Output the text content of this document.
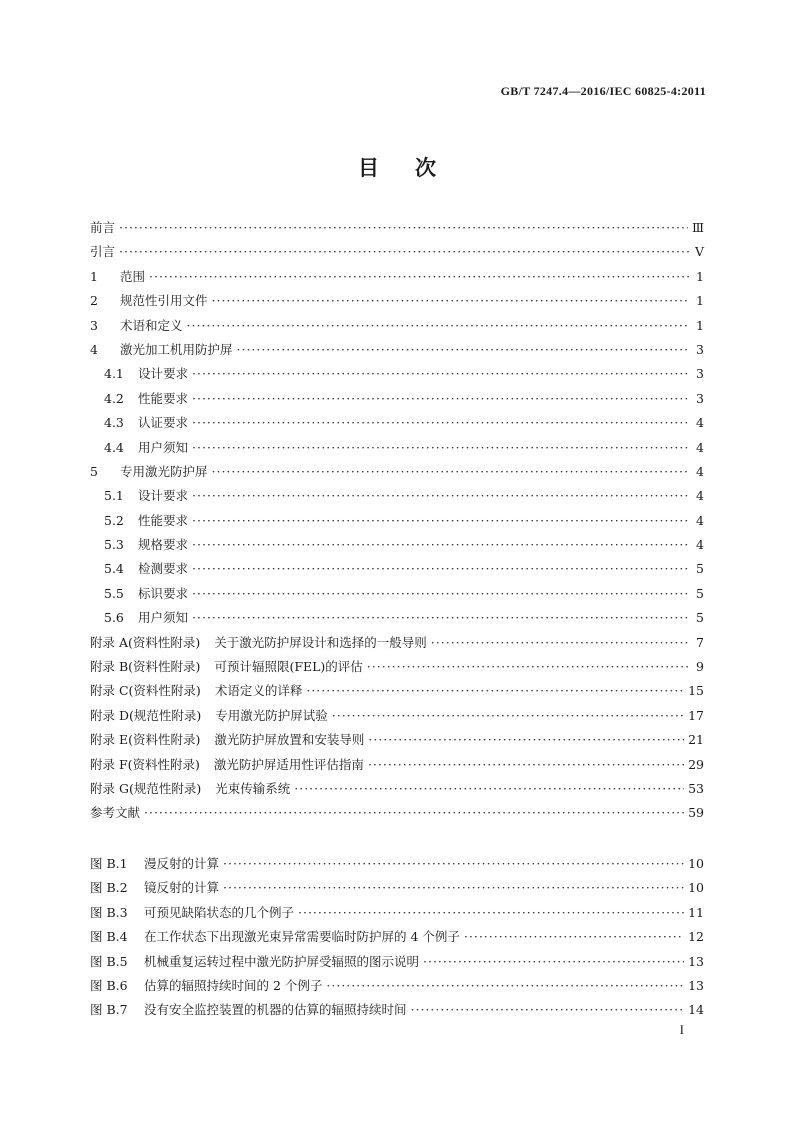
GB/T 7247.4—2016/IEC 60825-4:2011
目次
前言 ·····	Ⅲ
引言 ·····	Ⅴ
1 范围 ·····	1
2 规范性引用文件 ·····	1
3 术语和定义 ·····	1
4 激光加工机用防护屏 ·····	3
4.1 设计要求 ·····	3
4.2 性能要求 ·····	3
4.3 认证要求 ·····	4
4.4 用户须知 ·····	4
5 专用激光防护屏 ·····	4
5.1 设计要求 ·····	4
5.2 性能要求 ·····	4
5.3 规格要求 ·····	4
5.4 检测要求 ·····	5
5.5 标识要求 ·····	5
5.6 用户须知 ·····	5
附录 A(资料性附录) 关于激光防护屏设计和选择的一般导则 ·····	7
附录 B(资料性附录) 可预计辐照限(FEL)的评估 ·····	9
附录 C(资料性附录) 术语定义的详释 ·····	15
附录 D(规范性附录) 专用激光防护屏试验 ·····	17
附录 E(资料性附录) 激光防护屏放置和安装导则 ·····	21
附录 F(资料性附录) 激光防护屏适用性评估指南 ·····	29
附录 G(规范性附录) 光束传输系统 ·····	53
参考文献 ·····	59
图 B.1 漫反射的计算 ·····	10
图 B.2 镜反射的计算 ·····	10
图 B.3 可预见缺陷状态的几个例子 ·····	11
图 B.4 在工作状态下出现激光束异常需要临时防护屏的 4 个例子 ·····	12
图 B.5 机械重复运转过程中激光防护屏受辐照的图示说明 ·····	13
图 B.6 估算的辐照持续时间的 2 个例子 ·····	13
图 B.7 没有安全监控装置的机器的估算的辐照持续时间 ·····	14
I
